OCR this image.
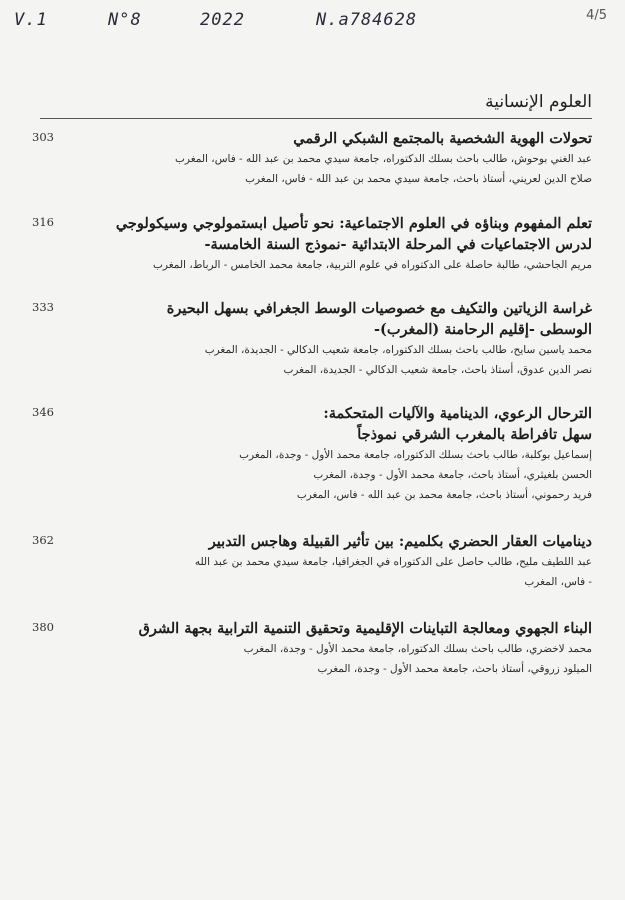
V.1	N°8	2022	N.a784628	4/5
العلوم الإنسانية
303	تحولات الهوية الشخصية بالمجتمع الشبكي الرقمي
عبد الغني بوحوش، طالب باحث بسلك الدكتوراه، جامعة سيدي محمد بن عبد الله - فاس، المغرب
صلاح الدين لعريني، أستاذ باحث، جامعة سيدي محمد بن عبد الله - فاس، المغرب
316	تعلم المفهوم وبناؤه في العلوم الاجتماعية: نحو تأصيل ابستمولوجي وسيكولوجي
لدرس الاجتماعيات في المرحلة الابتدائية -نموذج السنة الخامسة-
مريم الجاحشي، طالبة حاصلة على الدكتوراه في علوم التربية، جامعة محمد الخامس - الرباط، المغرب
333	غراسة الزياتين والتكيف مع خصوصيات الوسط الجغرافي بسهل البحيرة
الوسطى -إقليم الرحامنة (المغرب)-
محمد ياسين سايح، طالب باحث بسلك الدكتوراه، جامعة شعيب الدكالي - الجديدة، المغرب
نصر الدين عدوق، أستاذ باحث، جامعة شعيب الدكالي - الجديدة، المغرب
346	الترحال الرعوي، الدينامية والآليات المتحكمة:
سهل تافراطة بالمغرب الشرقي نموذجاً
إسماعيل بوكلبة، طالب باحث بسلك الدكتوراه، جامعة محمد الأول - وجدة، المغرب
الحسن بلغيثري، أستاذ باحث، جامعة محمد الأول - وجدة، المغرب
فريد رحموني، أستاذ باحث، جامعة محمد بن عبد الله - فاس، المغرب
362	ديناميات العقار الحضري بكلميم: بين تأثير القبيلة وهاجس التدبير
عبد اللطيف مليح، طالب حاصل على الدكتوراه في الجغرافيا، جامعة سيدي محمد بن عبد الله
- فاس، المغرب
380	البناء الجهوي ومعالجة التباينات الإقليمية وتحقيق التنمية الترابية بجهة الشرق
محمد لاخضري، طالب باحث بسلك الدكتوراه، جامعة محمد الأول - وجدة، المغرب
الميلود زروقي، أستاذ باحث، جامعة محمد الأول - وجدة، المغرب
